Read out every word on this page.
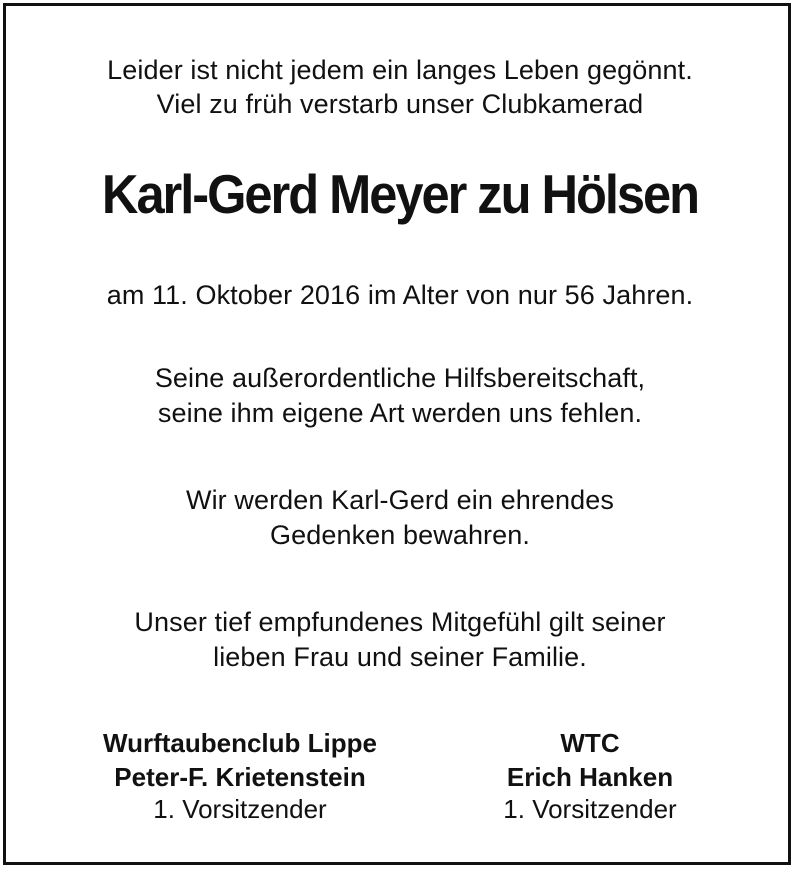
Leider ist nicht jedem ein langes Leben gegönnt.
Viel zu früh verstarb unser Clubkamerad
Karl-Gerd Meyer zu Hölsen
am 11. Oktober 2016 im Alter von nur 56 Jahren.
Seine außerordentliche Hilfsbereitschaft,
seine ihm eigene Art werden uns fehlen.
Wir werden Karl-Gerd ein ehrendes
Gedenken bewahren.
Unser tief empfundenes Mitgefühl gilt seiner
lieben Frau und seiner Familie.
Wurftaubenclub Lippe
Peter-F. Krietenstein
1. Vorsitzender
WTC
Erich Hanken
1. Vorsitzender
